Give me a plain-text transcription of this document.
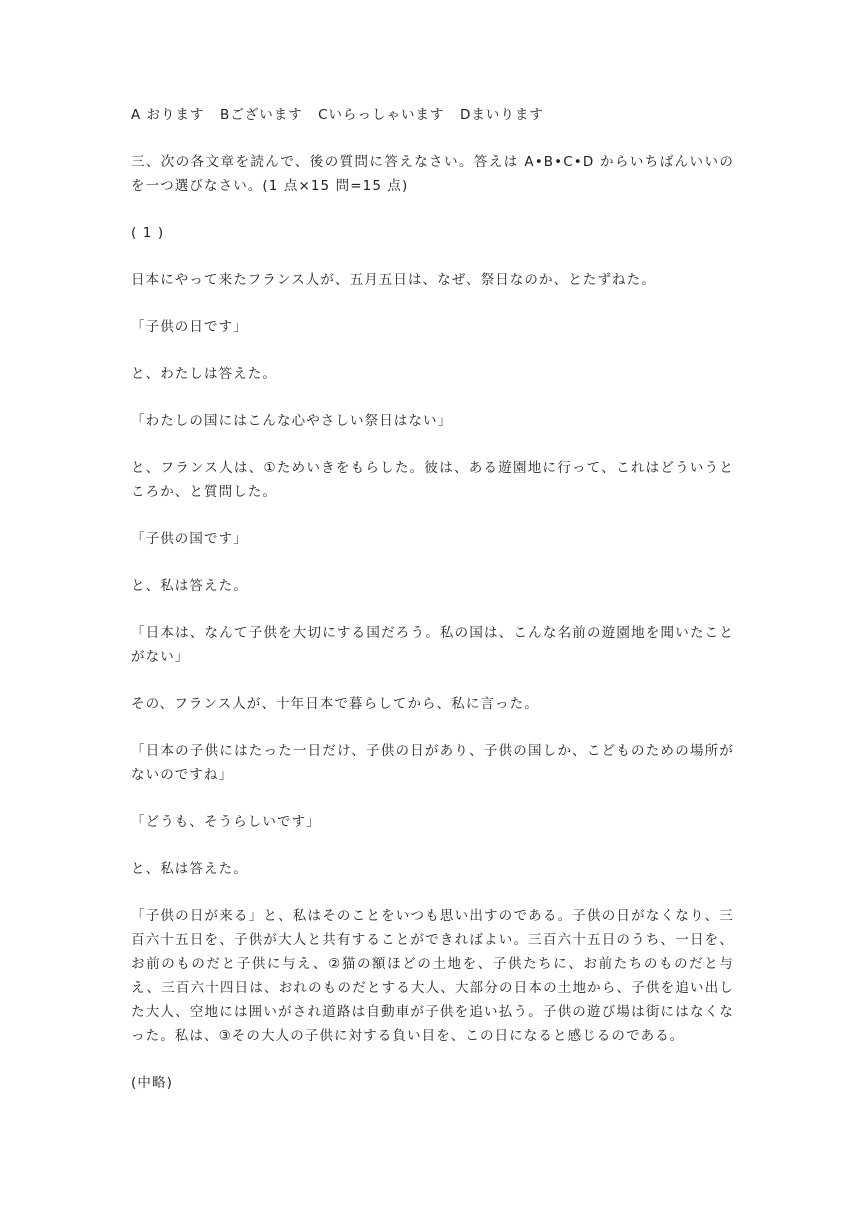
A おります Bございます Cいらっしゃいます Dまいります

三、次の各文章を読んで、後の質問に答えなさい。答えは A•B•C•D からいちばんいいのを一つ選びなさい。(1 点×15 問=15 点)

( 1 )

日本にやって来たフランス人が、五月五日は、なぜ、祭日なのか、とたずねた。

「子供の日です」

と、わたしは答えた。

「わたしの国にはこんな心やさしい祭日はない」

と、フランス人は、①ためいきをもらした。彼は、ある遊園地に行って、これはどういうところか、と質問した。

「子供の国です」

と、私は答えた。

「日本は、なんて子供を大切にする国だろう。私の国は、こんな名前の遊園地を聞いたことがない」

その、フランス人が、十年日本で暮らしてから、私に言った。

「日本の子供にはたった一日だけ、子供の日があり、子供の国しか、こどものための場所がないのですね」

「どうも、そうらしいです」

と、私は答えた。

「子供の日が来る」と、私はそのことをいつも思い出すのである。子供の日がなくなり、三百六十五日を、子供が大人と共有することができればよい。三百六十五日のうち、一日を、お前のものだと子供に与え、②猫の額ほどの土地を、子供たちに、お前たちのものだと与え、三百六十四日は、おれのものだとする大人、大部分の日本の土地から、子供を追い出した大人、空地には囲いがされ道路は自動車が子供を追い払う。子供の遊び場は街にはなくなった。私は、③その大人の子供に対する負い目を、この日になると感じるのである。

(中略)
